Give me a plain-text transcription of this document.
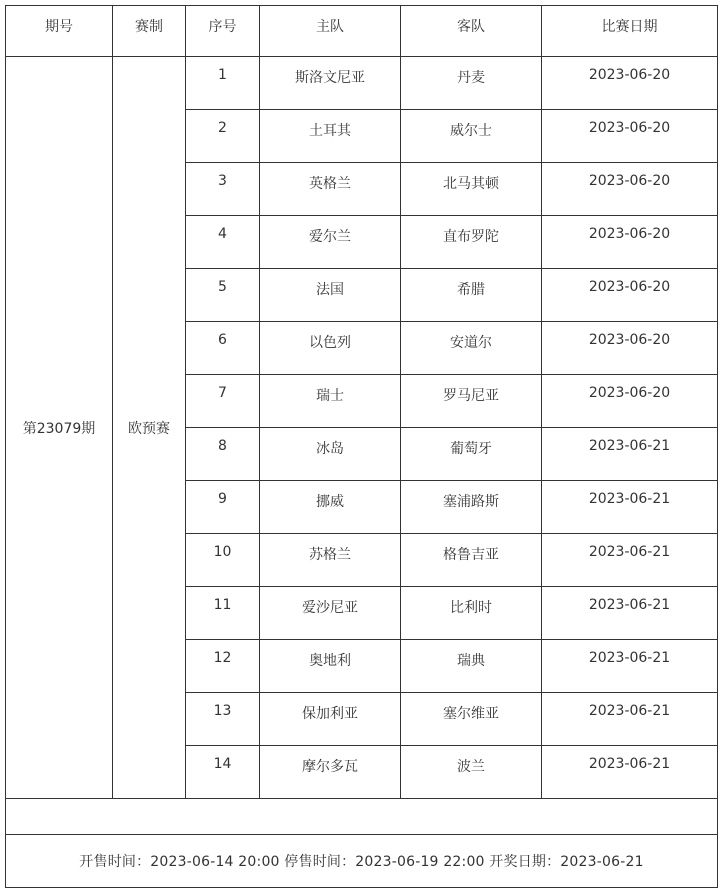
期号	赛制	序号	主队	客队	比赛日期
第23079期	欧预赛	1	斯洛文尼亚	丹麦	2023-06-20
		2	土耳其	威尔士	2023-06-20
		3	英格兰	北马其顿	2023-06-20
		4	爱尔兰	直布罗陀	2023-06-20
		5	法国	希腊	2023-06-20
		6	以色列	安道尔	2023-06-20
		7	瑞士	罗马尼亚	2023-06-20
		8	冰岛	葡萄牙	2023-06-21
		9	挪威	塞浦路斯	2023-06-21
		10	苏格兰	格鲁吉亚	2023-06-21
		11	爱沙尼亚	比利时	2023-06-21
		12	奥地利	瑞典	2023-06-21
		13	保加利亚	塞尔维亚	2023-06-21
		14	摩尔多瓦	波兰	2023-06-21

开售时间：2023-06-14 20:00 停售时间：2023-06-19 22:00 开奖日期：2023-06-21					
